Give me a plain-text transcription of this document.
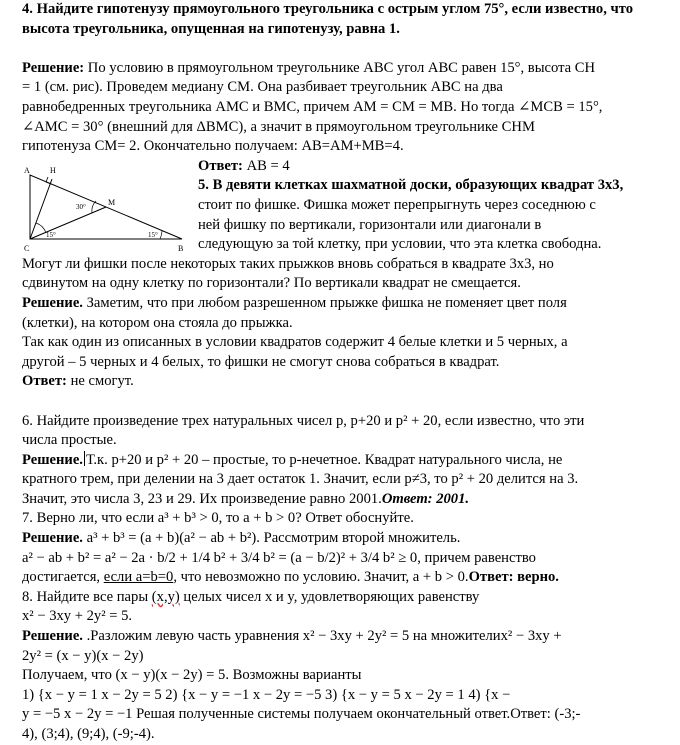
4. Найдите гипотенузу прямоугольного треугольника с острым углом 75°, если известно, что высота треугольника, опущенная на гипотенузу, равна 1.

Решение: По условию в прямоугольном треугольнике ABC угол ABC равен 15°, высота CH

= 1 (см. рис). Проведем медиану CM. Она разбивает треугольник ABC на два

равнобедренных треугольника AMC и BMC, причем AM = CM = MB. Но тогда ∠MCB = 15°,

∠AMC = 30° (внешний для ΔBMC), а значит в прямоугольном треугольнике CHM

гипотенуза CM= 2. Окончательно получаем: AB=AM+MB=4.

A	H
M
C	B
30°
15°	15°

Ответ: AB = 4

5. В девяти клетках шахматной доски, образующих квадрат 3х3,

стоит по фишке. Фишка может перепрыгнуть через соседнюю с

ней фишку по вертикали, горизонтали или диагонали в

следующую за той клетку, при условии, что эта клетка свободна.

Могут ли фишки после некоторых таких прыжков вновь собраться в квадрате 3х3, но

сдвинутом на одну клетку по горизонтали? По вертикали квадрат не смещается.

Решение. Заметим, что при любом разрешенном прыжке фишка не поменяет цвет поля

(клетки), на котором она стояла до прыжка.

Так как один из описанных в условии квадратов содержит 4 белые клетки и 5 черных, а

другой – 5 черных и 4 белых, то фишки не смогут снова собраться в квадрат.

Ответ: не смогут.

6. Найдите произведение трех натуральных чисел p, p+20 и p² + 20, если известно, что эти

числа простые.

Решение. Т.к. p+20 и p² + 20 – простые, то p-нечетное. Квадрат натурального числа, не

кратного трем, при делении на 3 дает остаток 1. Значит, если p≠3, то p² + 20 делится на 3.

Значит, это числа 3, 23 и 29. Их произведение равно 2001.Ответ: 2001.

7. Верно ли, что если a³ + b³ > 0, то a + b > 0? Ответ обоснуйте.

Решение. a³ + b³ = (a + b)(a² − ab + b²). Рассмотрим второй множитель.

a² − ab + b² = a² − 2a · b/2 + 1/4 b² + 3/4 b² = (a − b/2)² + 3/4 b² ≥ 0, причем равенство

достигается, если a=b=0, что невозможно по условию. Значит, a + b > 0.Ответ: верно.

8. Найдите все пары (х,у) целых чисел x и y, удовлетворяющих равенству

x² − 3xy + 2y² = 5.

Решение. .Разложим левую часть уравнения x² − 3xy + 2y² = 5 на множителиx² − 3xy +

2y² = (x − y)(x − 2y)

Получаем, что (x − y)(x − 2y) = 5. Возможны варианты

1) {x − y = 1 x − 2y = 5 2) {x − y = −1 x − 2y = −5 3) {x − y = 5 x − 2y = 1 4) {x −

y = −5 x − 2y = −1 Решая полученные системы получаем окончательный ответ.Ответ: (-3;-

4), (3;4), (9;4), (-9;-4).
